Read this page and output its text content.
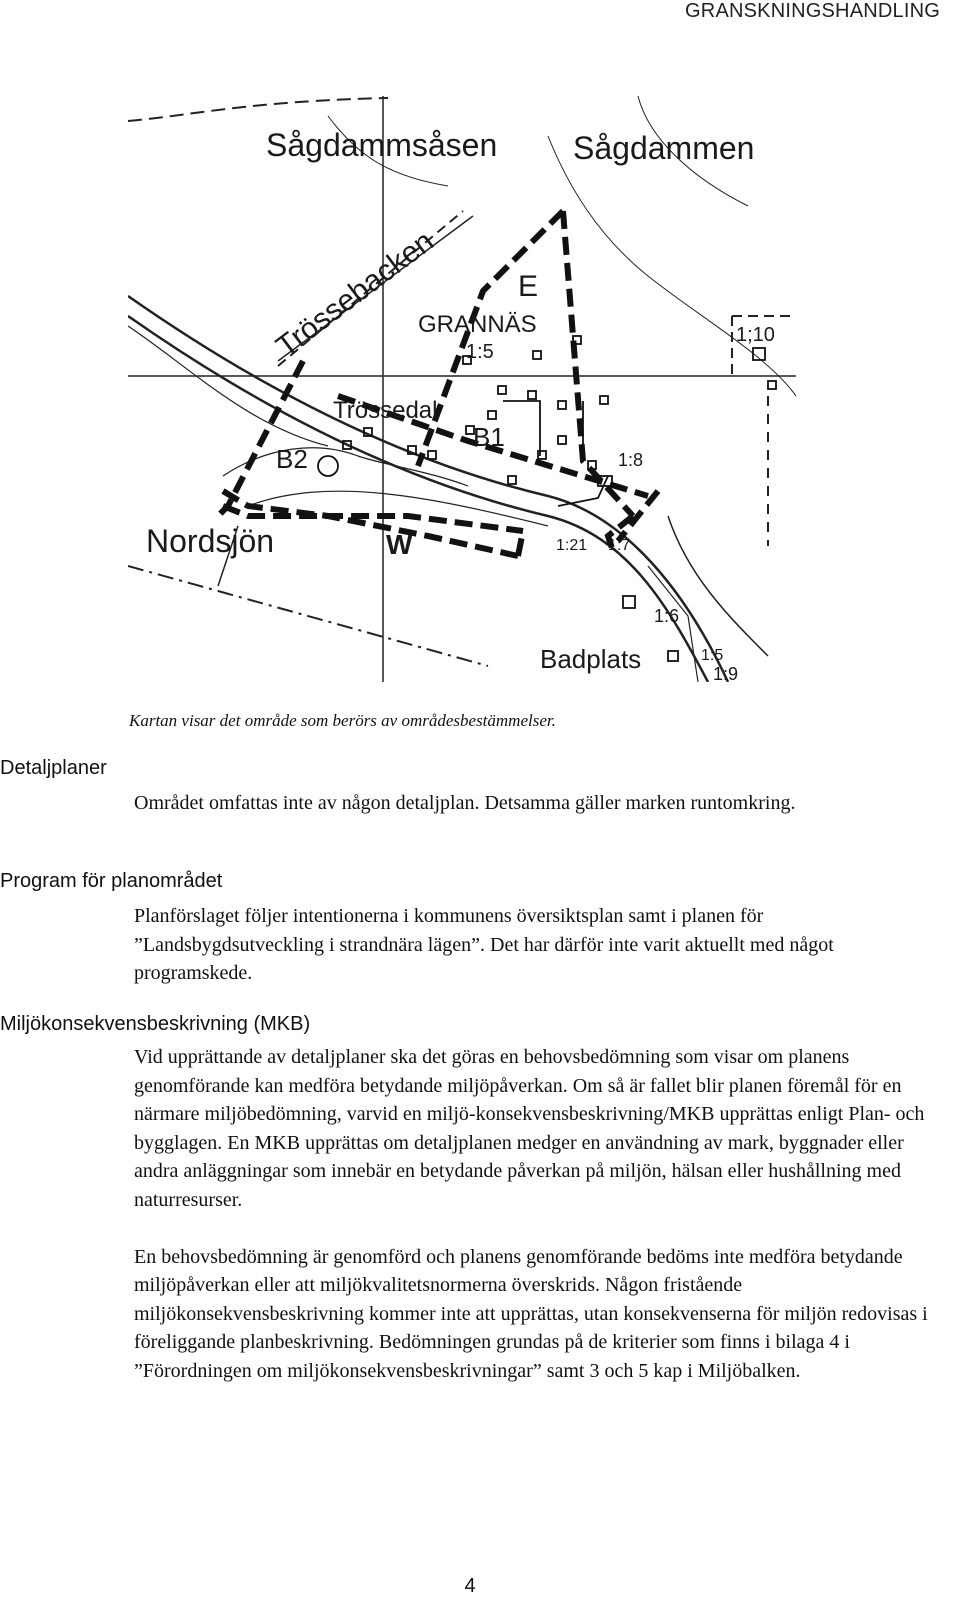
GRANSKNINGSHANDLING
Sågdammsåsen Sågdammen
Trössebacken
GRANNÄS
1:5
E
1;10
Trössedal
B1
B2	1:8
Nordsjön	W	1:21 1:7
1:6
Badplats	1:5
1:9
Kartan visar det område som berörs av områdesbestämmelser.
Detaljplaner

Området omfattas inte av någon detaljplan. Detsamma gäller marken runtomkring.

Program för planområdet

Planförslaget följer intentionerna i kommunens översiktsplan samt i planen för ”Landsbygdsutveckling i strandnära lägen”. Det har därför inte varit aktuellt med något programskede.

Miljökonsekvensbeskrivning (MKB)

Vid upprättande av detaljplaner ska det göras en behovsbedömning som visar om planens genomförande kan medföra betydande miljöpåverkan. Om så är fallet blir planen föremål för en närmare miljöbedömning, varvid en miljö-konsekvensbeskrivning/MKB upprättas enligt Plan- och bygglagen. En MKB upprättas om detaljplanen medger en användning av mark, byggnader eller andra anläggningar som innebär en betydande påverkan på miljön, hälsan eller hushållning med naturresurser.

En behovsbedömning är genomförd och planens genomförande bedöms inte medföra betydande miljöpåverkan eller att miljökvalitetsnormerna överskrids. Någon fristående miljökonsekvensbeskrivning kommer inte att upprättas, utan konsekvenserna för miljön redovisas i föreliggande planbeskrivning. Bedömningen grundas på de kriterier som finns i bilaga 4 i ”Förordningen om miljökonsekvensbeskrivningar” samt 3 och 5 kap i Miljöbalken.

4
